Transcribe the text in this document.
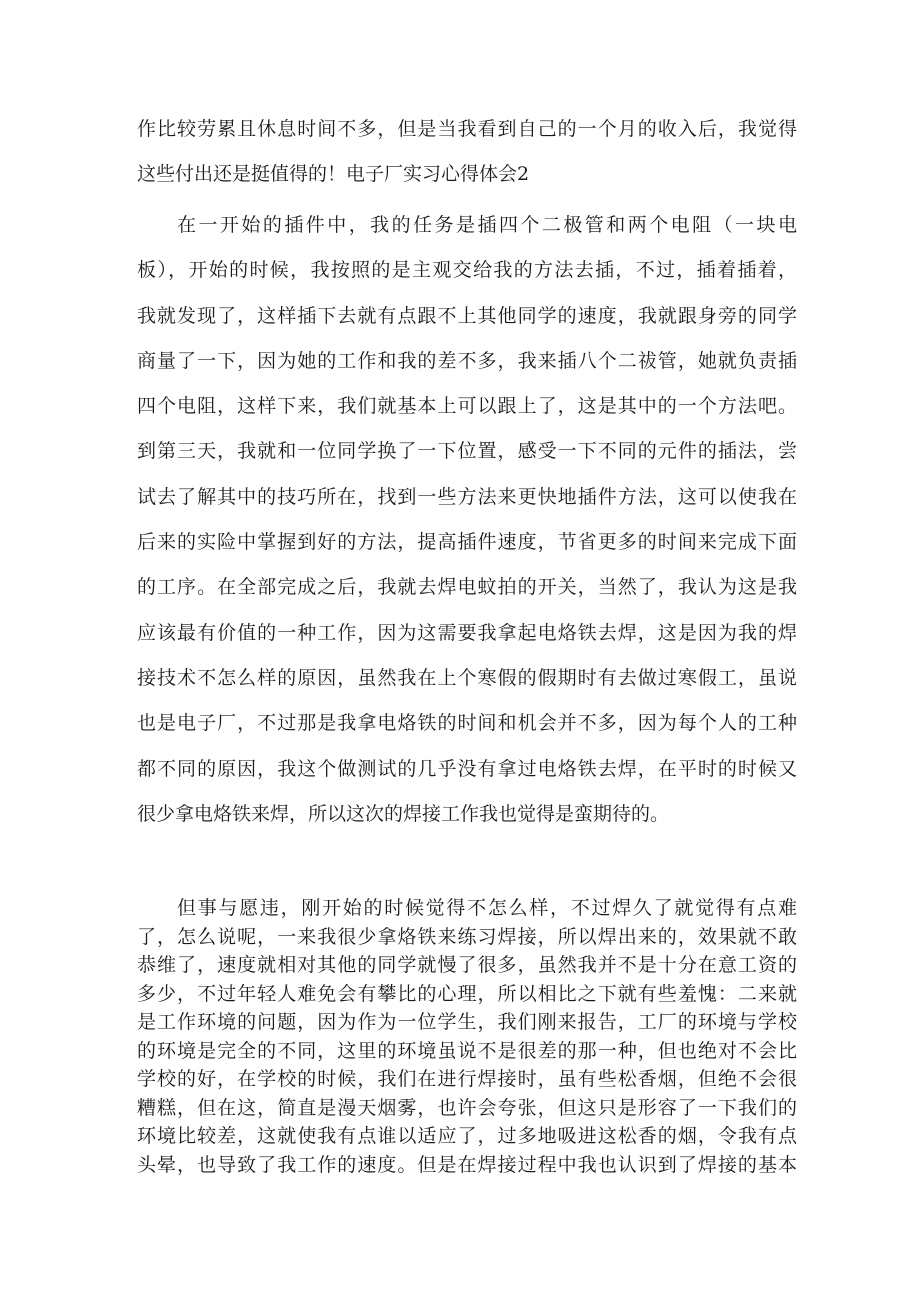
作比较劳累且休息时间不多，但是当我看到自己的一个月的收入后，我觉得
这些付出还是挺值得的！电子厂实习心得体会2
在一开始的插件中，我的任务是插四个二极管和两个电阻（一块电
板），开始的时候，我按照的是主观交给我的方法去插，不过，插着插着，
我就发现了，这样插下去就有点跟不上其他同学的速度，我就跟身旁的同学
商量了一下，因为她的工作和我的差不多，我来插八个二祓管，她就负责插
四个电阻，这样下来，我们就基本上可以跟上了，这是其中的一个方法吧。
到第三天，我就和一位同学换了一下位置，感受一下不同的元件的插法，尝
试去了解其中的技巧所在，找到一些方法来更快地插件方法，这可以使我在
后来的实险中掌握到好的方法，提高插件速度，节省更多的时间来完成下面
的工序。在全部完成之后，我就去焊电蚊拍的开关，当然了，我认为这是我
应该最有价值的一种工作，因为这需要我拿起电烙铁去焊，这是因为我的焊
接技术不怎么样的原因，虽然我在上个寒假的假期时有去做过寒假工，虽说
也是电子厂，不过那是我拿电烙铁的时间和机会并不多，因为每个人的工种
都不同的原因，我这个做测试的几乎没有拿过电烙铁去焊，在平时的时候又
很少拿电烙铁来焊，所以这次的焊接工作我也觉得是蛮期待的。
但事与愿违，刚开始的时候觉得不怎么样，不过焊久了就觉得有点难
了，怎么说呢，一来我很少拿烙铁来练习焊接，所以焊出来的，效果就不敢
恭维了，速度就相对其他的同学就慢了很多，虽然我并不是十分在意工资的
多少，不过年轻人难免会有攀比的心理，所以相比之下就有些羞愧：二来就
是工作环境的问题，因为作为一位学生，我们刚来报告，工厂的环境与学校
的环境是完全的不同，这里的环境虽说不是很差的那一种，但也绝对不会比
学校的好，在学校的时候，我们在进行焊接时，虽有些松香烟，但绝不会很
糟糕，但在这，简直是漫天烟雾，也许会夸张，但这只是形容了一下我们的
环境比较差，这就使我有点谁以适应了，过多地吸进这松香的烟，令我有点
头晕，也导致了我工作的速度。但是在焊接过程中我也认识到了焊接的基本
